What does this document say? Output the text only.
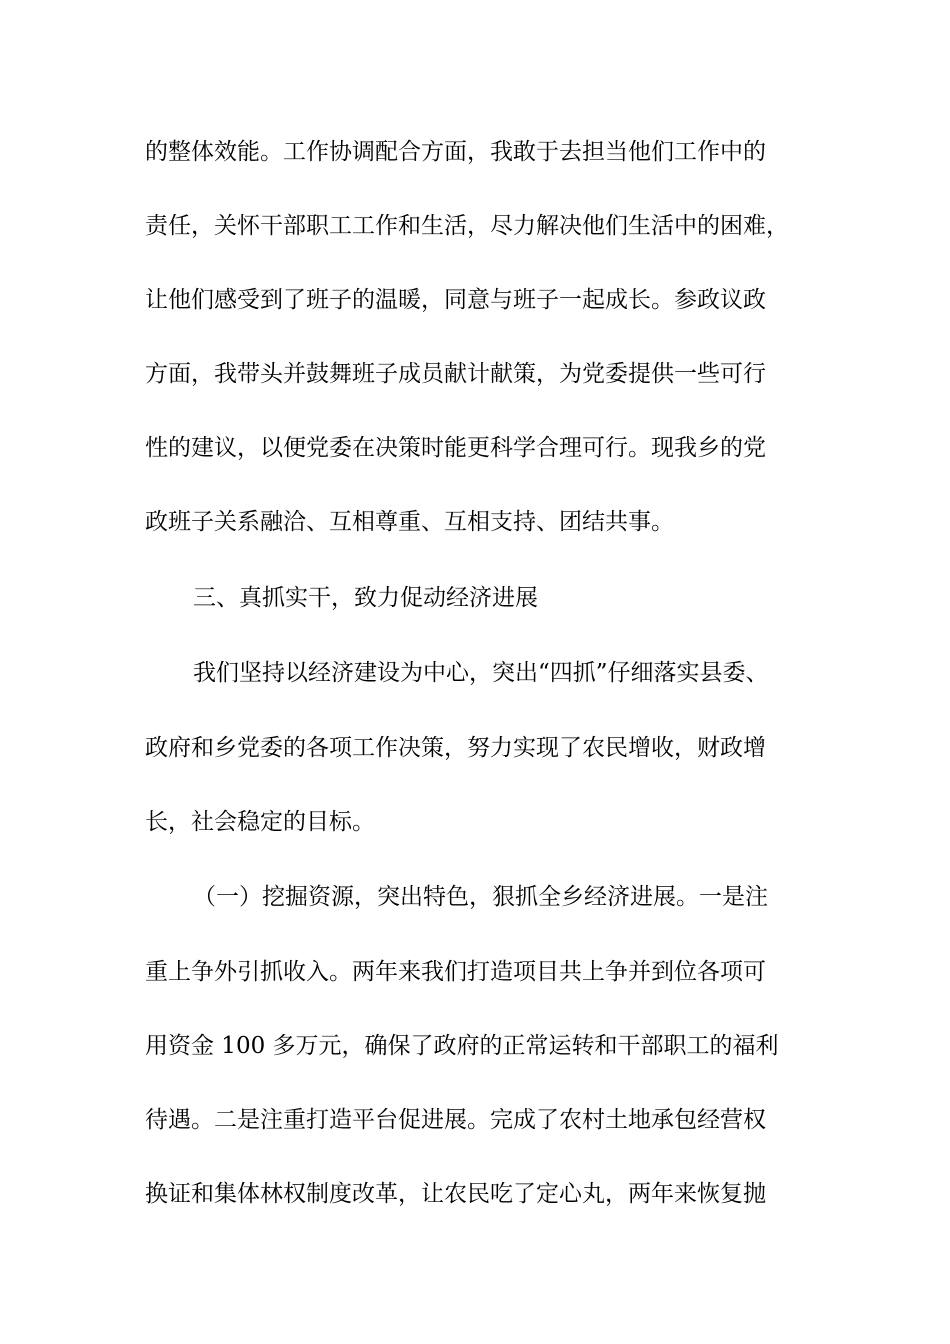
的整体效能。工作协调配合方面，我敢于去担当他们工作中的
责任，关怀干部职工工作和生活，尽力解决他们生活中的困难，
让他们感受到了班子的温暖，同意与班子一起成长。参政议政
方面，我带头并鼓舞班子成员献计献策，为党委提供一些可行
性的建议，以便党委在决策时能更科学合理可行。现我乡的党
政班子关系融洽、互相尊重、互相支持、团结共事。
三、真抓实干，致力促动经济进展
我们坚持以经济建设为中心，突出“四抓”仔细落实县委、
政府和乡党委的各项工作决策，努力实现了农民增收，财政增
长，社会稳定的目标。
（一）挖掘资源，突出特色，狠抓全乡经济进展。一是注
重上争外引抓收入。两年来我们打造项目共上争并到位各项可
用资金 100 多万元，确保了政府的正常运转和干部职工的福利
待遇。二是注重打造平台促进展。完成了农村土地承包经营权
换证和集体林权制度改革，让农民吃了定心丸，两年来恢复抛
